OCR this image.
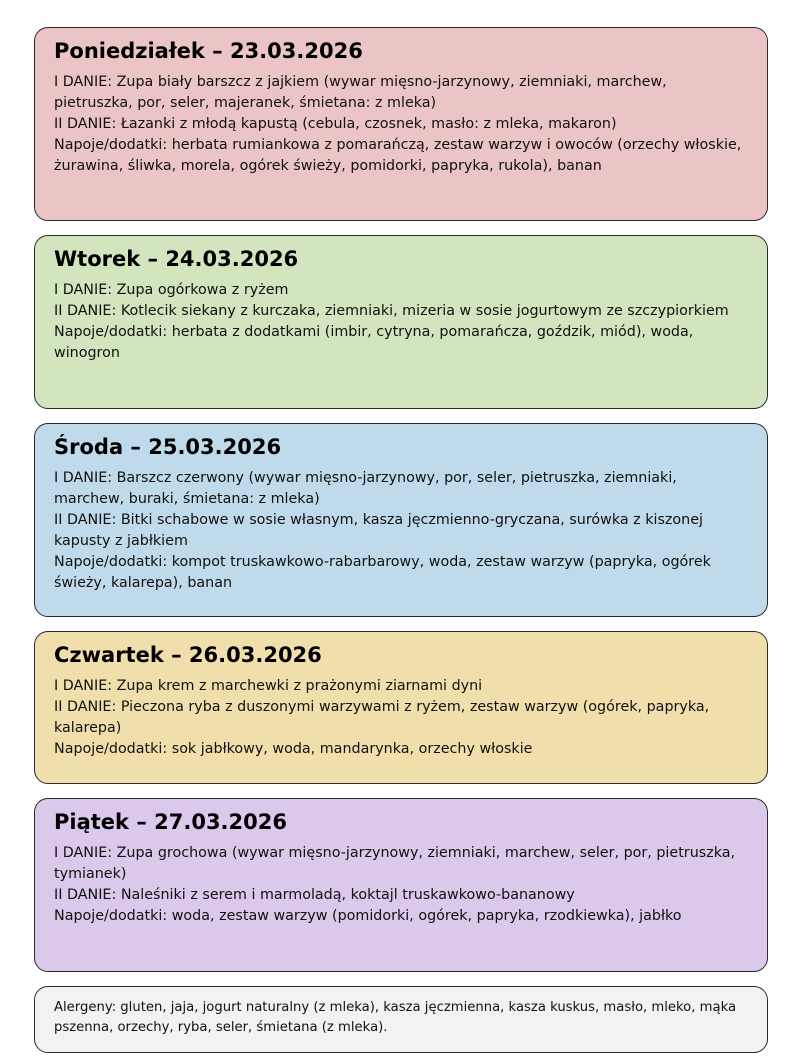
Poniedziałek – 23.03.2026

I DANIE: Zupa biały barszcz z jajkiem (wywar mięsno-jarzynowy, ziemniaki, marchew, pietruszka, por, seler, majeranek, śmietana: z mleka)

II DANIE: Łazanki z młodą kapustą (cebula, czosnek, masło: z mleka, makaron)

Napoje/dodatki: herbata rumiankowa z pomarańczą, zestaw warzyw i owoców (orzechy włoskie, żurawina, śliwka, morela, ogórek świeży, pomidorki, papryka, rukola), banan

Wtorek – 24.03.2026

I DANIE: Zupa ogórkowa z ryżem

II DANIE: Kotlecik siekany z kurczaka, ziemniaki, mizeria w sosie jogurtowym ze szczypiorkiem

Napoje/dodatki: herbata z dodatkami (imbir, cytryna, pomarańcza, goździk, miód), woda, winogron

Środa – 25.03.2026

I DANIE: Barszcz czerwony (wywar mięsno-jarzynowy, por, seler, pietruszka, ziemniaki, marchew, buraki, śmietana: z mleka)

II DANIE: Bitki schabowe w sosie własnym, kasza jęczmienno-gryczana, surówka z kiszonej kapusty z jabłkiem

Napoje/dodatki: kompot truskawkowo-rabarbarowy, woda, zestaw warzyw (papryka, ogórek świeży, kalarepa), banan

Czwartek – 26.03.2026

I DANIE: Zupa krem z marchewki z prażonymi ziarnami dyni

II DANIE: Pieczona ryba z duszonymi warzywami z ryżem, zestaw warzyw (ogórek, papryka, kalarepa)

Napoje/dodatki: sok jabłkowy, woda, mandarynka, orzechy włoskie

Piątek – 27.03.2026

I DANIE: Zupa grochowa (wywar mięsno-jarzynowy, ziemniaki, marchew, seler, por, pietruszka, tymianek)

II DANIE: Naleśniki z serem i marmoladą, koktajl truskawkowo-bananowy

Napoje/dodatki: woda, zestaw warzyw (pomidorki, ogórek, papryka, rzodkiewka), jabłko

Alergeny: gluten, jaja, jogurt naturalny (z mleka), kasza jęczmienna, kasza kuskus, masło, mleko, mąka pszenna, orzechy, ryba, seler, śmietana (z mleka).
